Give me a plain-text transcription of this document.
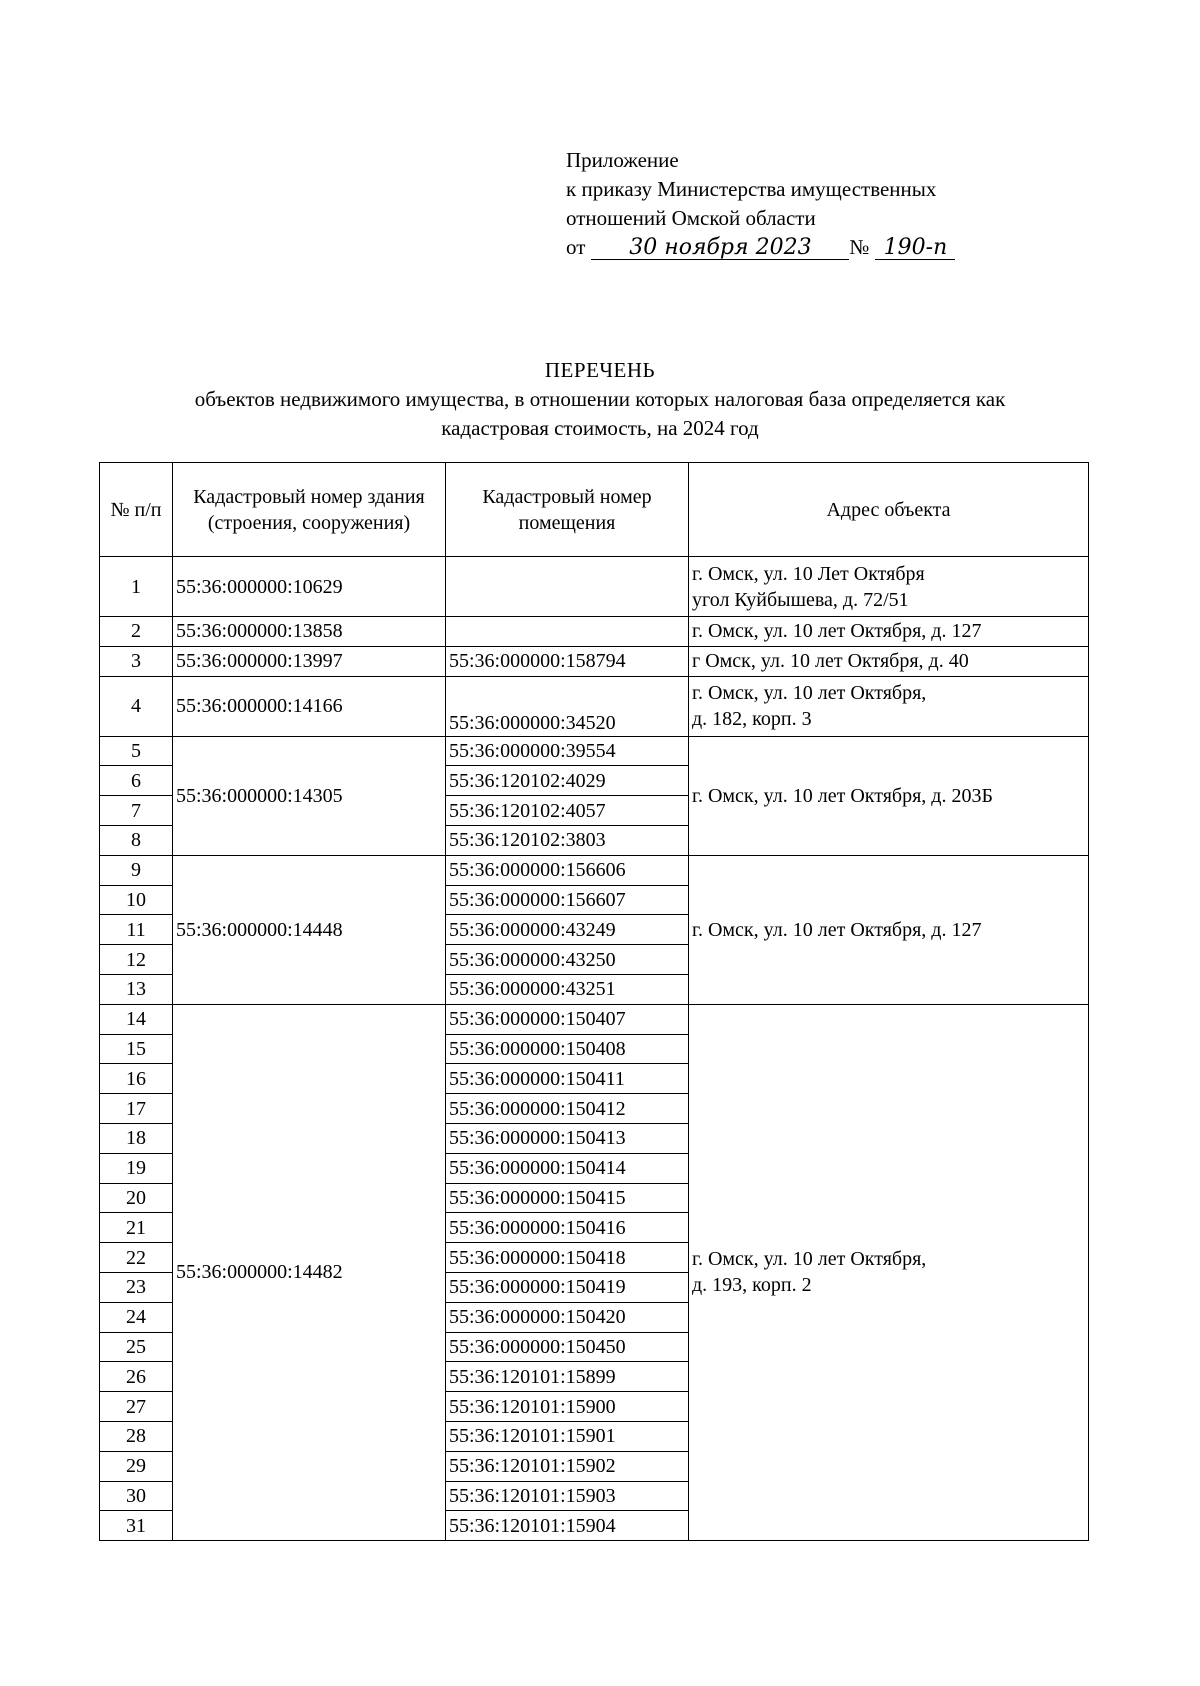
Приложение
к приказу Министерства имущественных
отношений Омской области
от 30 ноября 2023 № 190-п
ПЕРЕЧЕНЬ
объектов недвижимого имущества, в отношении которых налоговая база определяется как
кадастровая стоимость, на 2024 год
№ п/п	Кадастровый номер здания (строения, сооружения)	Кадастровый номер помещения	Адрес объекта
1	55:36:000000:10629		г. Омск, ул. 10 Лет Октября
угол Куйбышева, д. 72/51

2	55:36:000000:13858		г. Омск, ул. 10 лет Октября, д. 127

3	55:36:000000:13997	55:36:000000:158794	г Омск, ул. 10 лет Октября, д. 40

4	55:36:000000:14166	55:36:000000:34520	г. Омск, ул. 10 лет Октября,
д. 182, корп. 3

5	55:36:000000:14305	55:36:000000:39554	г. Омск, ул. 10 лет Октября, д. 203Б

6		55:36:120102:4029	
7		55:36:120102:4057	
8		55:36:120102:3803	
9	55:36:000000:14448	55:36:000000:156606	г. Омск, ул. 10 лет Октября, д. 127

10		55:36:000000:156607	
11		55:36:000000:43249	
12		55:36:000000:43250	
13		55:36:000000:43251	
14	55:36:000000:14482	55:36:000000:150407	г. Омск, ул. 10 лет Октября,
д. 193, корп. 2

15		55:36:000000:150408	
16		55:36:000000:150411	
17		55:36:000000:150412	
18		55:36:000000:150413	
19		55:36:000000:150414	
20		55:36:000000:150415	
21		55:36:000000:150416	
22		55:36:000000:150418	
23		55:36:000000:150419	
24		55:36:000000:150420	
25		55:36:000000:150450	
26		55:36:120101:15899	
27		55:36:120101:15900	
28		55:36:120101:15901	
29		55:36:120101:15902	
30		55:36:120101:15903	
31		55:36:120101:15904	
